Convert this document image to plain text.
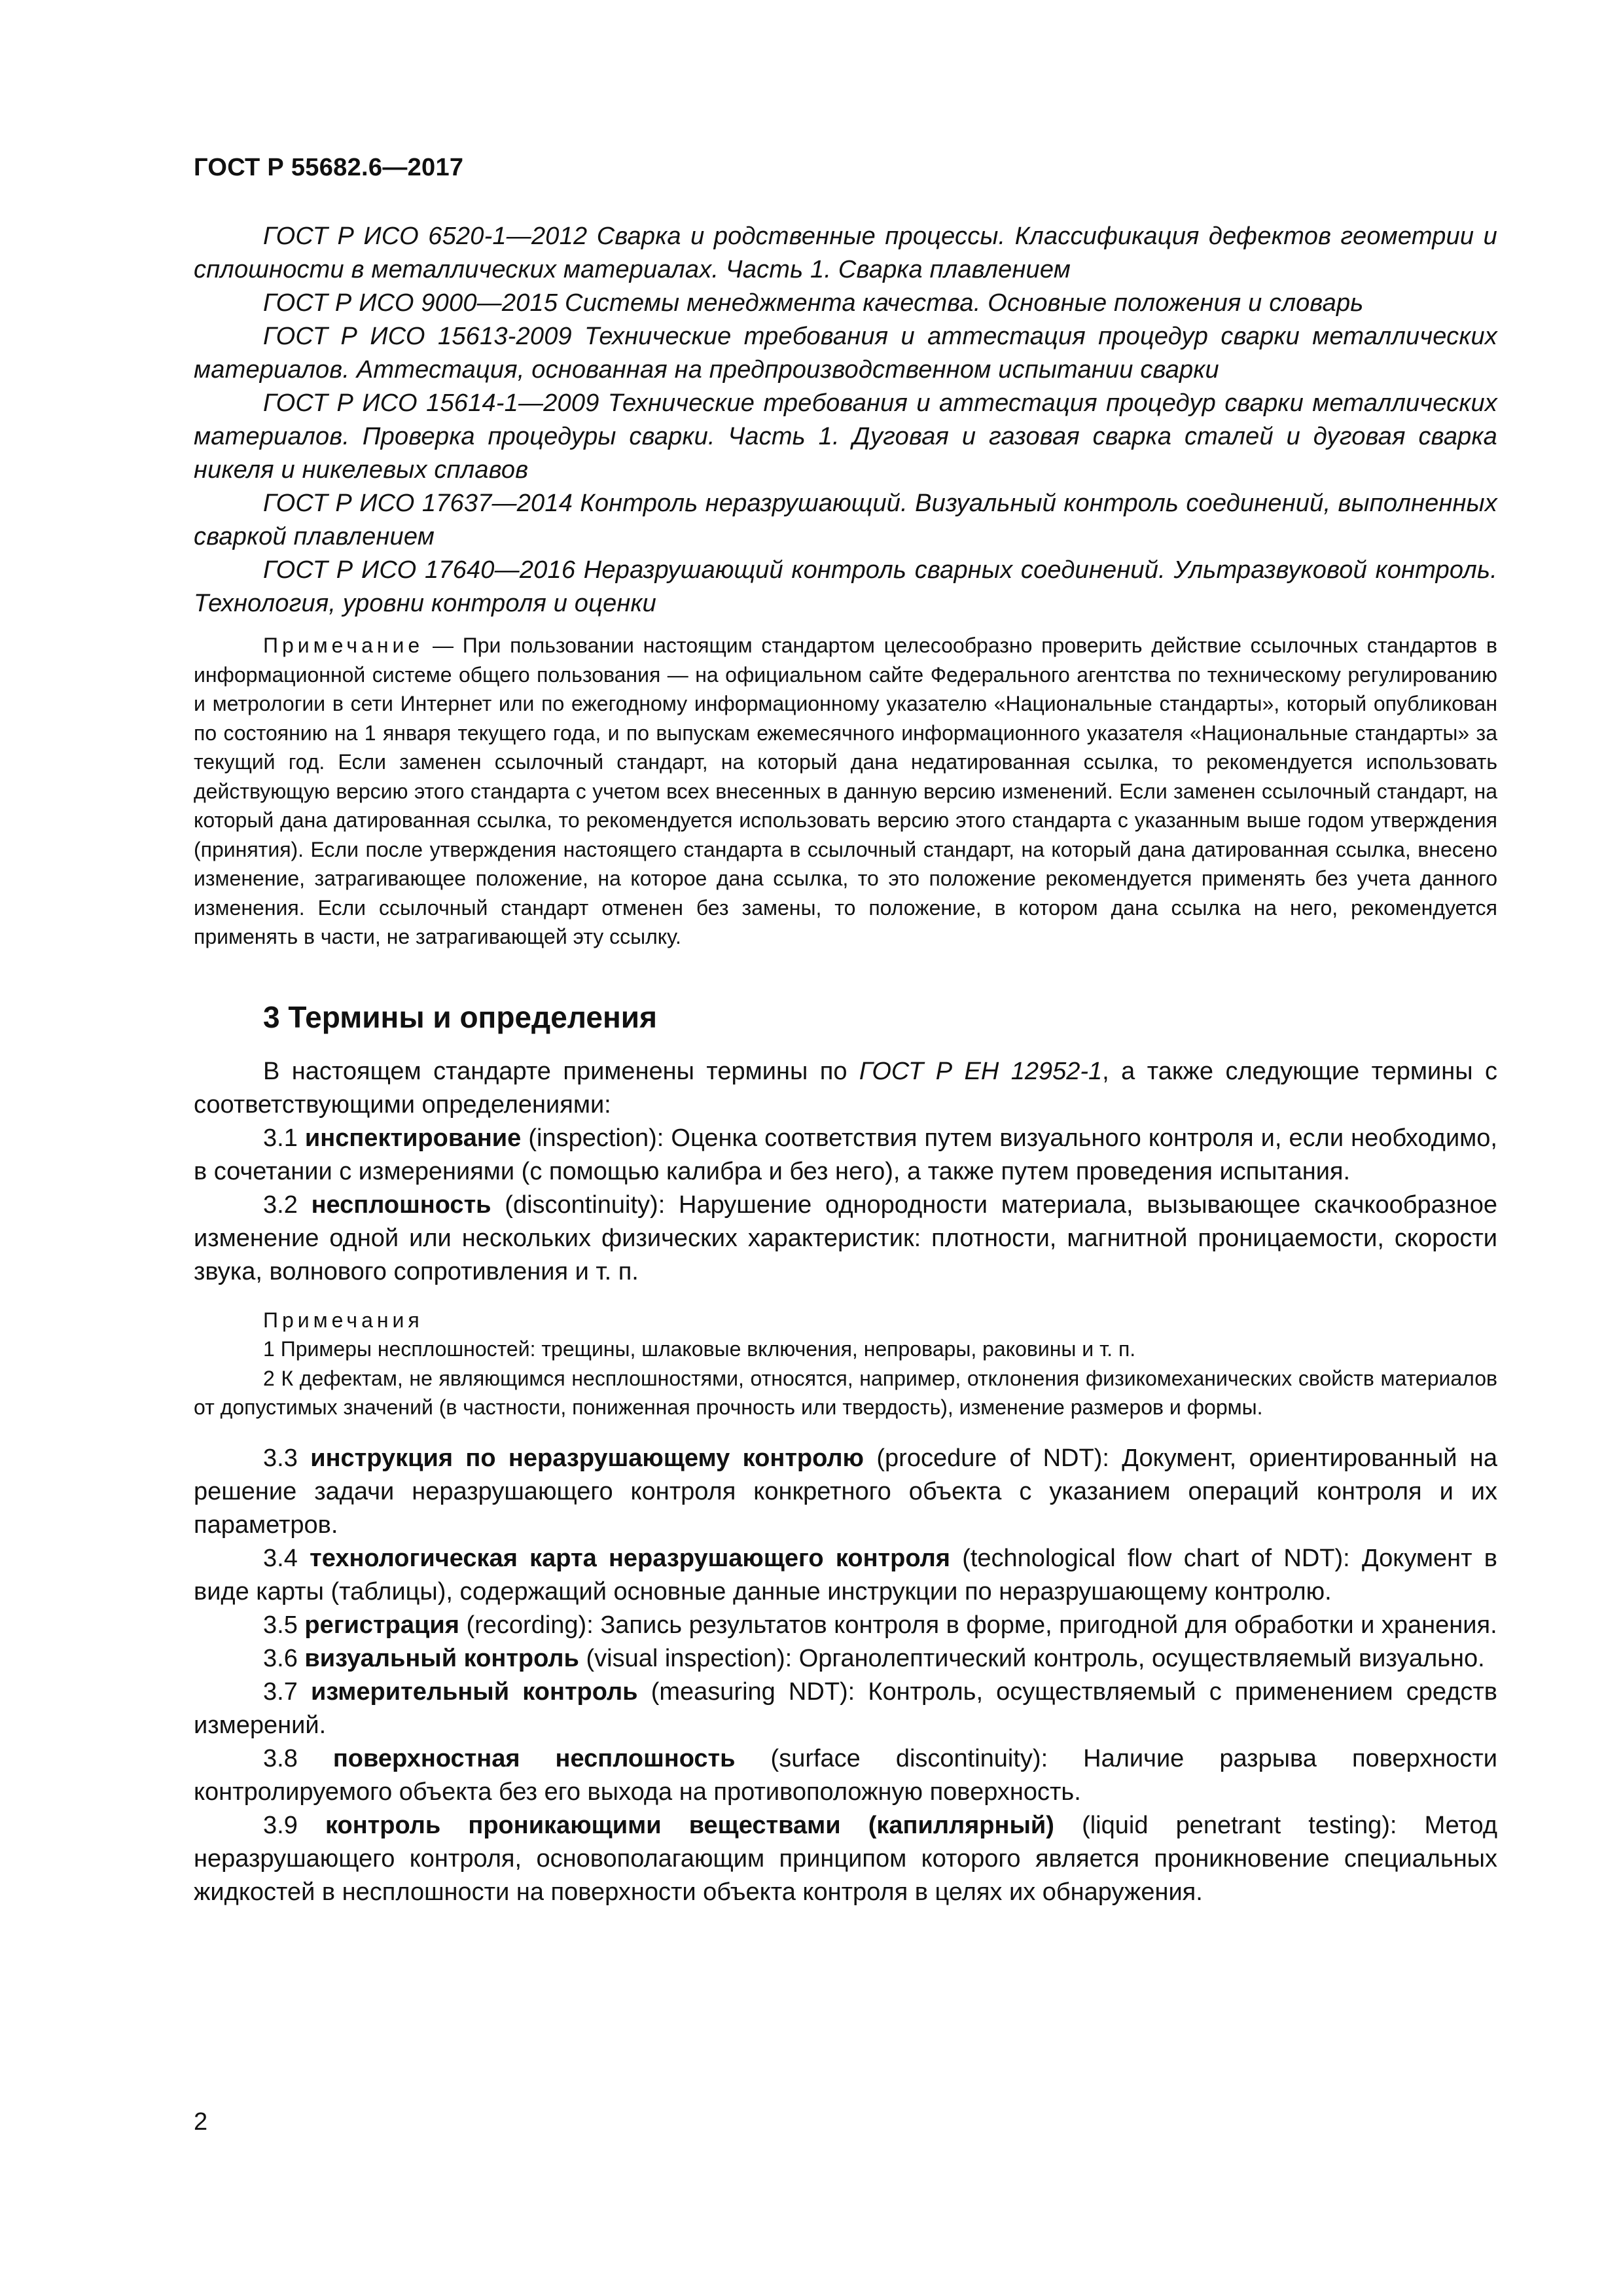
ГОСТ Р 55682.6—2017

ГОСТ Р ИСО 6520-1—2012 Сварка и родственные процессы. Классификация дефектов геометрии и сплошности в металлических материалах. Часть 1. Сварка плавлением

ГОСТ Р ИСО 9000—2015 Системы менеджмента качества. Основные положения и словарь

ГОСТ Р ИСО 15613-2009 Технические требования и аттестация процедур сварки металлических материалов. Аттестация, основанная на предпроизводственном испытании сварки

ГОСТ Р ИСО 15614-1—2009 Технические требования и аттестация процедур сварки металлических материалов. Проверка процедуры сварки. Часть 1. Дуговая и газовая сварка сталей и дуговая сварка никеля и никелевых сплавов

ГОСТ Р ИСО 17637—2014 Контроль неразрушающий. Визуальный контроль соединений, выполненных сваркой плавлением

ГОСТ Р ИСО 17640—2016 Неразрушающий контроль сварных соединений. Ультразвуковой контроль. Технология, уровни контроля и оценки

Примечание — При пользовании настоящим стандартом целесообразно проверить действие ссылочных стандартов в информационной системе общего пользования — на официальном сайте Федерального агентства по техническому регулированию и метрологии в сети Интернет или по ежегодному информационному указателю «Национальные стандарты», который опубликован по состоянию на 1 января текущего года, и по выпускам ежемесячного информационного указателя «Национальные стандарты» за текущий год. Если заменен ссылочный стандарт, на который дана недатированная ссылка, то рекомендуется использовать действующую версию этого стандарта с учетом всех внесенных в данную версию изменений. Если заменен ссылочный стандарт, на который дана датированная ссылка, то рекомендуется использовать версию этого стандарта с указанным выше годом утверждения (принятия). Если после утверждения настоящего стандарта в ссылочный стандарт, на который дана датированная ссылка, внесено изменение, затрагивающее положение, на которое дана ссылка, то это положение рекомендуется применять без учета данного изменения. Если ссылочный стандарт отменен без замены, то положение, в котором дана ссылка на него, рекомендуется применять в части, не затрагивающей эту ссылку.

3 Термины и определения

В настоящем стандарте применены термины по ГОСТ Р ЕН 12952-1, а также следующие термины с соответствующими определениями:

3.1 инспектирование (inspection): Оценка соответствия путем визуального контроля и, если необходимо, в сочетании с измерениями (с помощью калибра и без него), а также путем проведения испытания.

3.2 несплошность (discontinuity): Нарушение однородности материала, вызывающее скачкообразное изменение одной или нескольких физических характеристик: плотности, магнитной проницаемости, скорости звука, волнового сопротивления и т. п.

Примечания

1 Примеры несплошностей: трещины, шлаковые включения, непровары, раковины и т. п.

2 К дефектам, не являющимся несплошностями, относятся, например, отклонения физикомеханических свойств материалов от допустимых значений (в частности, пониженная прочность или твердость), изменение размеров и формы.

3.3 инструкция по неразрушающему контролю (procedure of NDT): Документ, ориентированный на решение задачи неразрушающего контроля конкретного объекта с указанием операций контроля и их параметров.

3.4 технологическая карта неразрушающего контроля (technological flow chart of NDT): Документ в виде карты (таблицы), содержащий основные данные инструкции по неразрушающему контролю.

3.5 регистрация (recording): Запись результатов контроля в форме, пригодной для обработки и хранения.

3.6 визуальный контроль (visual inspection): Органолептический контроль, осуществляемый визуально.

3.7 измерительный контроль (measuring NDT): Контроль, осуществляемый с применением средств измерений.

3.8 поверхностная несплошность (surface discontinuity): Наличие разрыва поверхности контролируемого объекта без его выхода на противоположную поверхность.

3.9 контроль проникающими веществами (капиллярный) (liquid penetrant testing): Метод неразрушающего контроля, основополагающим принципом которого является проникновение специальных жидкостей в несплошности на поверхности объекта контроля в целях их обнаружения.

2
